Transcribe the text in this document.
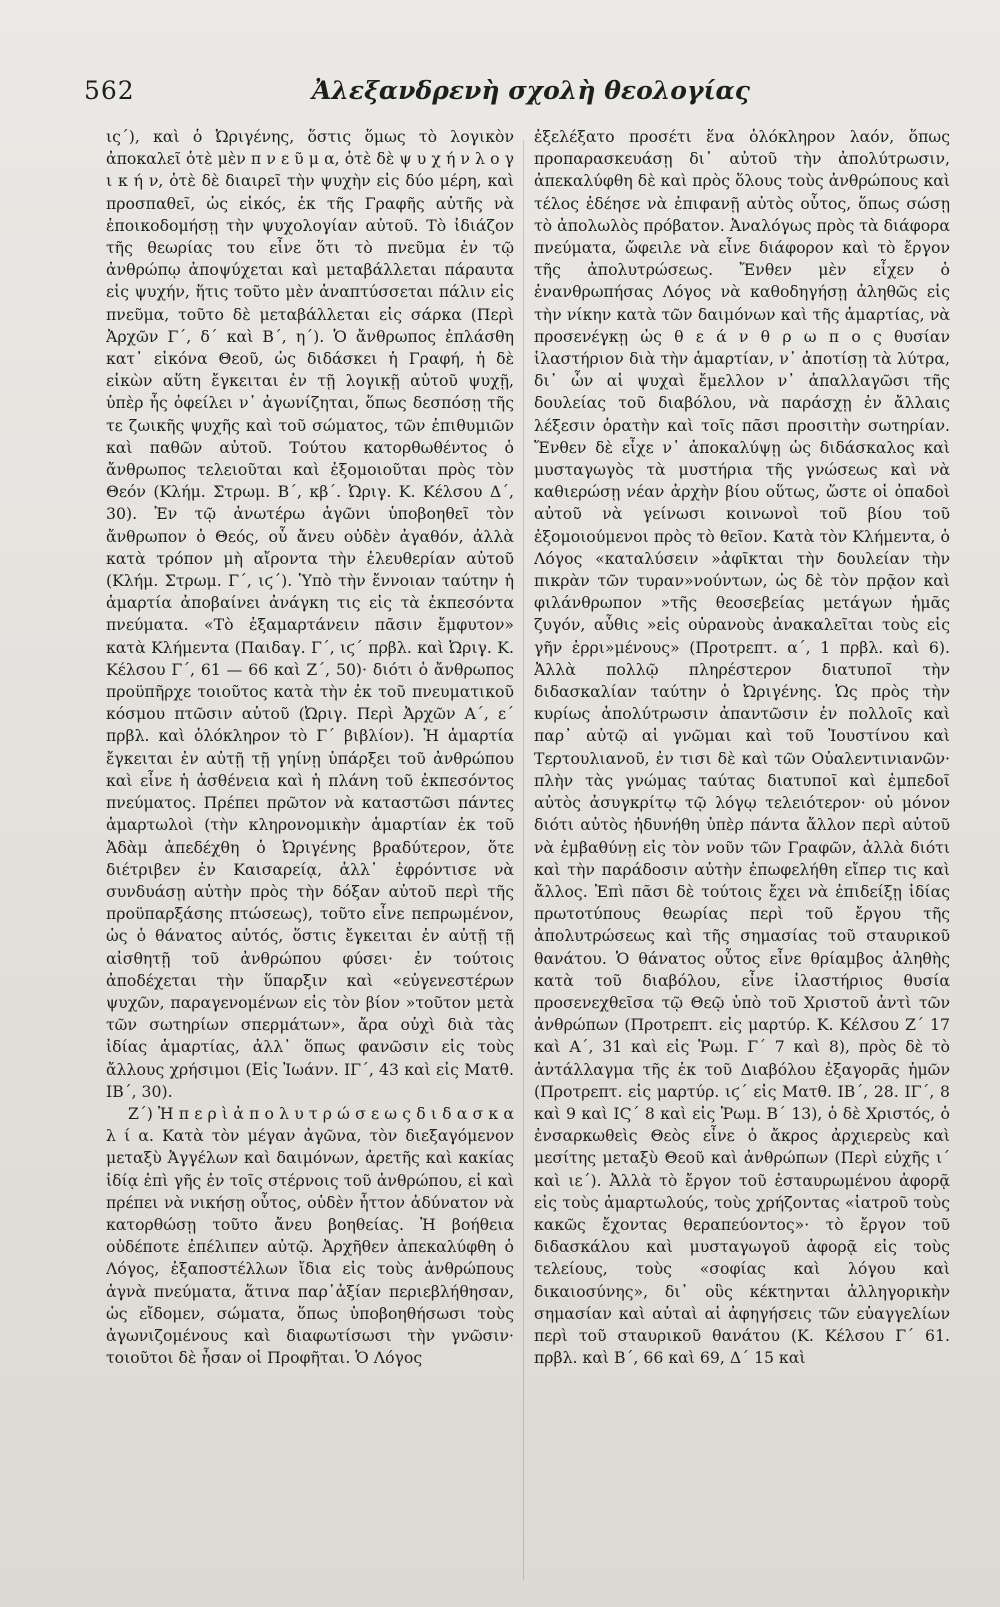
562	Ἀλεξανδρενὴ σχολὴ θεολογίας

ις΄), καὶ ὁ Ὠριγένης, ὅστις ὅμως τὸ λογικὸν ἀποκαλεῖ ὁτὲ μὲν π ν ε ῦ μ α, ὁτὲ δὲ ψ υ χ ή ν λ ο γ ι κ ή ν, ὁτὲ δὲ διαιρεῖ τὴν ψυχὴν εἰς δύο μέρη, καὶ προσπαθεῖ, ὡς εἰκός, ἐκ τῆς Γραφῆς αὐτῆς νὰ ἐποικοδομήσῃ τὴν ψυχολογίαν αὐτοῦ. Τὸ ἰδιάζον τῆς θεωρίας του εἶνε ὅτι τὸ πνεῦμα ἐν τῷ ἀνθρώπῳ ἀποψύχεται καὶ μεταβάλλεται πάραυτα εἰς ψυχήν, ἥτις τοῦτο μὲν ἀναπτύσσεται πάλιν εἰς πνεῦμα, τοῦτο δὲ μεταβάλλεται εἰς σάρκα (Περὶ Ἀρχῶν Γ΄, δ΄ καὶ Β΄, η΄). Ὁ ἄνθρωπος ἐπλάσθη κατ᾽ εἰκόνα Θεοῦ, ὡς διδάσκει ἡ Γραφή, ἡ δὲ εἰκὼν αὕτη ἔγκειται ἐν τῇ λογικῇ αὐτοῦ ψυχῇ, ὑπὲρ ἧς ὀφείλει ν᾽ ἀγωνίζηται, ὅπως δεσπόσῃ τῆς τε ζωικῆς ψυχῆς καὶ τοῦ σώματος, τῶν ἐπιθυμιῶν καὶ παθῶν αὐτοῦ. Τούτου κατορθωθέντος ὁ ἄνθρωπος τελειοῦται καὶ ἐξομοιοῦται πρὸς τὸν Θεόν (Κλήμ. Στρωμ. Β΄, κβ΄. Ὠριγ. Κ. Κέλσου Δ΄, 30). Ἐν τῷ ἀνωτέρω ἀγῶνι ὑποβοηθεῖ τὸν ἄνθρωπον ὁ Θεός, οὗ ἄνευ οὐδὲν ἀγαθόν, ἀλλὰ κατὰ τρόπον μὴ αἴροντα τὴν ἐλευθερίαν αὐτοῦ (Κλήμ. Στρωμ. Γ΄, ιϛ΄). Ὑπὸ τὴν ἔννοιαν ταύτην ἡ ἁμαρτία ἀποβαίνει ἀνάγκη τις εἰς τὰ ἐκπεσόντα πνεύματα. «Τὸ ἐξαμαρτάνειν πᾶσιν ἔμφυτον» κατὰ Κλήμεντα (Παιδαγ. Γ΄, ιϛ΄ πρβλ. καὶ Ὠριγ. Κ. Κέλσου Γ΄, 61 — 66 καὶ Ζ΄, 50)· διότι ὁ ἄνθρωπος προϋπῆρχε τοιοῦτος κατὰ τὴν ἐκ τοῦ πνευματικοῦ κόσμου πτῶσιν αὐτοῦ (Ὠριγ. Περὶ Ἀρχῶν Α΄, ε΄ πρβλ. καὶ ὁλόκληρον τὸ Γ΄ βιβλίον). Ἡ ἁμαρτία ἔγκειται ἐν αὐτῇ τῇ γηίνῃ ὑπάρξει τοῦ ἀνθρώπου καὶ εἶνε ἡ ἀσθένεια καὶ ἡ πλάνη τοῦ ἐκπεσόντος πνεύματος. Πρέπει πρῶτον νὰ καταστῶσι πάντες ἁμαρτωλοὶ (τὴν κληρονομικὴν ἁμαρτίαν ἐκ τοῦ Ἀδὰμ ἀπεδέχθη ὁ Ὠριγένης βραδύτερον, ὅτε διέτριβεν ἐν Καισαρείᾳ, ἀλλ᾽ ἐφρόντισε νὰ συνδυάσῃ αὐτὴν πρὸς τὴν δόξαν αὐτοῦ περὶ τῆς προϋπαρξάσης πτώσεως), τοῦτο εἶνε πεπρωμένον, ὡς ὁ θάνατος αὐτός, ὅστις ἔγκειται ἐν αὐτῇ τῇ αἰσθητῇ τοῦ ἀνθρώπου φύσει· ἐν τούτοις ἀποδέχεται τὴν ὕπαρξιν καὶ «εὐγενεστέρων ψυχῶν, παραγενομένων εἰς τὸν βίον »τοῦτον μετὰ τῶν σωτηρίων σπερμάτων», ἄρα οὐχὶ διὰ τὰς ἰδίας ἁμαρτίας, ἀλλ᾽ ὅπως φανῶσιν εἰς τοὺς ἄλλους χρήσιμοι (Εἰς Ἰωάνν. ΙΓ΄, 43 καὶ εἰς Ματθ. ΙΒ΄, 30).

Ζ΄) Ἡ π ε ρ ὶ ἀ π ο λ υ τ ρ ώ σ ε ω ς δ ι δ α σ κ α λ ί α. Κατὰ τὸν μέγαν ἀγῶνα, τὸν διεξαγόμενον μεταξὺ Ἀγγέλων καὶ δαιμόνων, ἀρετῆς καὶ κακίας ἰδίᾳ ἐπὶ γῆς ἐν τοῖς στέρνοις τοῦ ἀνθρώπου, εἰ καὶ πρέπει νὰ νικήσῃ οὗτος, οὐδὲν ἧττον ἀδύνατον νὰ κατορθώσῃ τοῦτο ἄνευ βοηθείας. Ἡ βοήθεια οὐδέποτε ἐπέλιπεν αὐτῷ. Ἀρχῆθεν ἀπεκαλύφθη ὁ Λόγος, ἐξαποστέλλων ἴδια εἰς τοὺς ἀνθρώπους ἁγνὰ πνεύματα, ἅτινα παρ᾽ἀξίαν περιεβλήθησαν, ὡς εἴδομεν, σώματα, ὅπως ὑποβοηθήσωσι τοὺς ἀγωνιζομένους καὶ διαφωτίσωσι τὴν γνῶσιν· τοιοῦτοι δὲ ἦσαν οἱ Προφῆται. Ὁ Λόγος

ἐξελέξατο προσέτι ἕνα ὁλόκληρον λαόν, ὅπως προπαρασκευάσῃ δι᾽ αὐτοῦ τὴν ἀπολύτρωσιν, ἀπεκαλύφθη δὲ καὶ πρὸς ὅλους τοὺς ἀνθρώπους καὶ τέλος ἐδέησε νὰ ἐπιφανῇ αὐτὸς οὗτος, ὅπως σώσῃ τὸ ἀπολωλὸς πρόβατον. Ἀναλόγως πρὸς τὰ διάφορα πνεύματα, ὤφειλε νὰ εἶνε διάφορον καὶ τὸ ἔργον τῆς ἀπολυτρώσεως. Ἔνθεν μὲν εἶχεν ὁ ἐνανθρωπήσας Λόγος νὰ καθοδηγήσῃ ἀληθῶς εἰς τὴν νίκην κατὰ τῶν δαιμόνων καὶ τῆς ἁμαρτίας, νὰ προσενέγκῃ ὡς θ ε ά ν θ ρ ω π ο ς θυσίαν ἱλαστήριον διὰ τὴν ἁμαρτίαν, ν᾽ ἀποτίσῃ τὰ λύτρα, δι᾽ ὧν αἱ ψυχαὶ ἔμελλον ν᾽ ἀπαλλαγῶσι τῆς δουλείας τοῦ διαβόλου, νὰ παράσχῃ ἐν ἄλλαις λέξεσιν ὁρατὴν καὶ τοῖς πᾶσι προσιτὴν σωτηρίαν. Ἔνθεν δὲ εἶχε ν᾽ ἀποκαλύψῃ ὡς διδάσκαλος καὶ μυσταγωγὸς τὰ μυστήρια τῆς γνώσεως καὶ νὰ καθιερώσῃ νέαν ἀρχὴν βίου οὕτως, ὥστε οἱ ὀπαδοὶ αὐτοῦ νὰ γείνωσι κοινωνοὶ τοῦ βίου τοῦ ἐξομοιούμενοι πρὸς τὸ θεῖον. Κατὰ τὸν Κλήμεντα, ὁ Λόγος «καταλύσειν »ἀφῖκται τὴν δουλείαν τὴν πικρὰν τῶν τυραν»νούντων, ὡς δὲ τὸν πρᾷον καὶ φιλάνθρωπον »τῆς θεοσεβείας μετάγων ἡμᾶς ζυγόν, αὖθις »εἰς οὐρανοὺς ἀνακαλεῖται τοὺς εἰς γῆν ἐρρι»μένους» (Προτρεπτ. α΄, 1 πρβλ. καὶ 6). Ἀλλὰ πολλῷ πληρέστερον διατυποῖ τὴν διδασκαλίαν ταύτην ὁ Ὠριγένης. Ὡς πρὸς τὴν κυρίως ἀπολύτρωσιν ἀπαντῶσιν ἐν πολλοῖς καὶ παρ᾽ αὐτῷ αἱ γνῶμαι καὶ τοῦ Ἰουστίνου καὶ Τερτουλιανοῦ, ἐν τισι δὲ καὶ τῶν Οὐαλεντινιανῶν· πλὴν τὰς γνώμας ταύτας διατυποῖ καὶ ἐμπεδοῖ αὐτὸς ἀσυγκρίτῳ τῷ λόγῳ τελειότερον· οὐ μόνον διότι αὐτὸς ἠδυνήθη ὑπὲρ πάντα ἄλλον περὶ αὐτοῦ νὰ ἐμβαθύνῃ εἰς τὸν νοῦν τῶν Γραφῶν, ἀλλὰ διότι καὶ τὴν παράδοσιν αὐτὴν ἐπωφελήθη εἴπερ τις καὶ ἄλλος. Ἐπὶ πᾶσι δὲ τούτοις ἔχει νὰ ἐπιδείξῃ ἰδίας πρωτοτύπους θεωρίας περὶ τοῦ ἔργου τῆς ἀπολυτρώσεως καὶ τῆς σημασίας τοῦ σταυρικοῦ θανάτου. Ὁ θάνατος οὗτος εἶνε θρίαμβος ἀληθὴς κατὰ τοῦ διαβόλου, εἶνε ἱλαστήριος θυσία προσενεχθεῖσα τῷ Θεῷ ὑπὸ τοῦ Χριστοῦ ἀντὶ τῶν ἀνθρώπων (Προτρεπτ. εἰς μαρτύρ. Κ. Κέλσου Ζ΄ 17 καὶ Α΄, 31 καὶ εἰς Ῥωμ. Γ΄ 7 καὶ 8), πρὸς δὲ τὸ ἀντάλλαγμα τῆς ἐκ τοῦ Διαβόλου ἐξαγορᾶς ἡμῶν (Προτρεπτ. εἰς μαρτύρ. ιϛ΄ εἰς Ματθ. ΙΒ΄, 28. ΙΓ΄, 8 καὶ 9 καὶ ΙϚ΄ 8 καὶ εἰς Ῥωμ. Β΄ 13), ὁ δὲ Χριστός, ὁ ἐνσαρκωθεὶς Θεὸς εἶνε ὁ ἄκρος ἀρχιερεὺς καὶ μεσίτης μεταξὺ Θεοῦ καὶ ἀνθρώπων (Περὶ εὐχῆς ι΄ καὶ ιε΄). Ἀλλὰ τὸ ἔργον τοῦ ἐσταυρωμένου ἀφορᾷ εἰς τοὺς ἁμαρτωλούς, τοὺς χρήζοντας «ἰατροῦ τοὺς κακῶς ἔχοντας θεραπεύοντος»· τὸ ἔργον τοῦ διδασκάλου καὶ μυσταγωγοῦ ἀφορᾷ εἰς τοὺς τελείους, τοὺς «σοφίας καὶ λόγου καὶ δικαιοσύνης», δι᾽ οὓς κέκτηνται ἀλληγορικὴν σημασίαν καὶ αὐταὶ αἱ ἀφηγήσεις τῶν εὐαγγελίων περὶ τοῦ σταυρικοῦ θανάτου (Κ. Κέλσου Γ΄ 61. πρβλ. καὶ Β΄, 66 καὶ 69, Δ΄ 15 καὶ
